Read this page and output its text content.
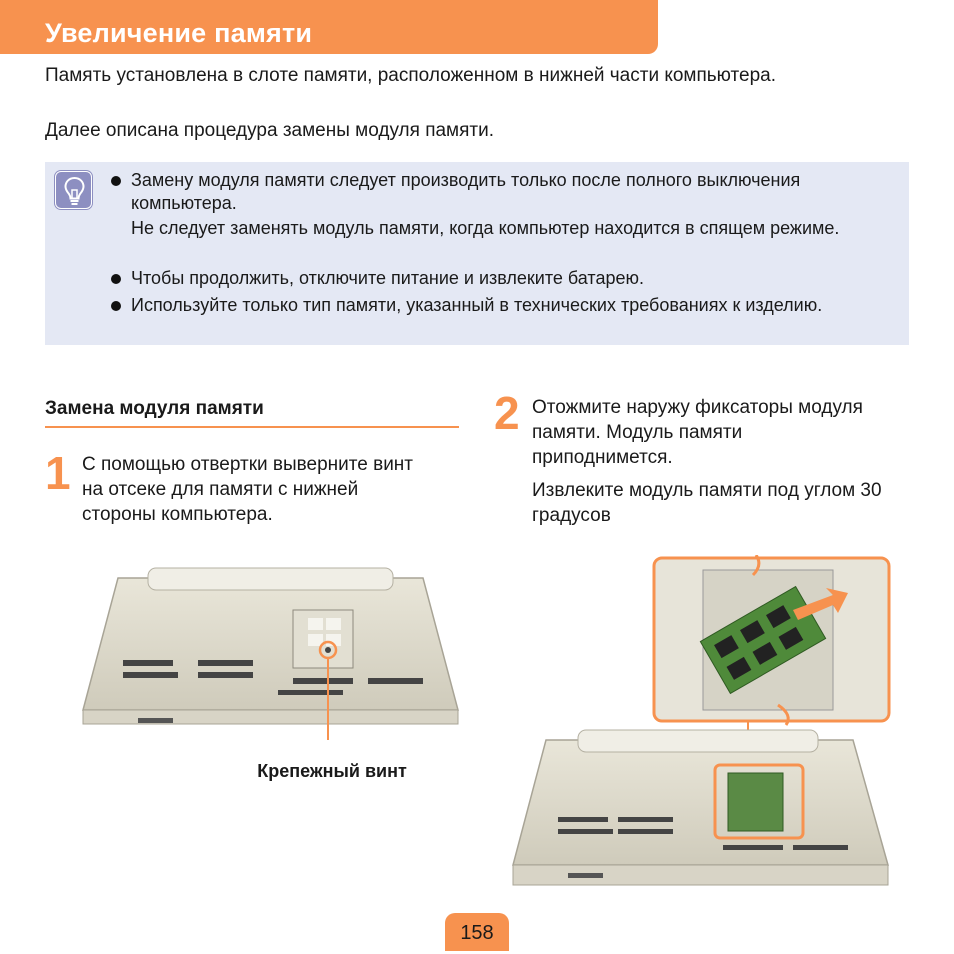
Увеличение памяти

Память установлена в слоте памяти, расположенном в нижней части компьютера.

Далее описана процедура замены модуля памяти.

Замену модуля памяти следует производить только после полного выключения компьютера.

Не следует заменять модуль памяти, когда компьютер находится в спящем режиме.

Чтобы продолжить, отключите питание и извлеките батарею.

Используйте только тип памяти, указанный в технических требованиях к изделию.

Замена модуля памяти
1 С помощью отвертки выверните винт на отсеке для памяти с нижней стороны компьютера.

2 Отожмите наружу фиксаторы модуля памяти. Модуль памяти приподнимется.

Извлеките модуль памяти под углом 30 градусов

Крепежный винт
158
